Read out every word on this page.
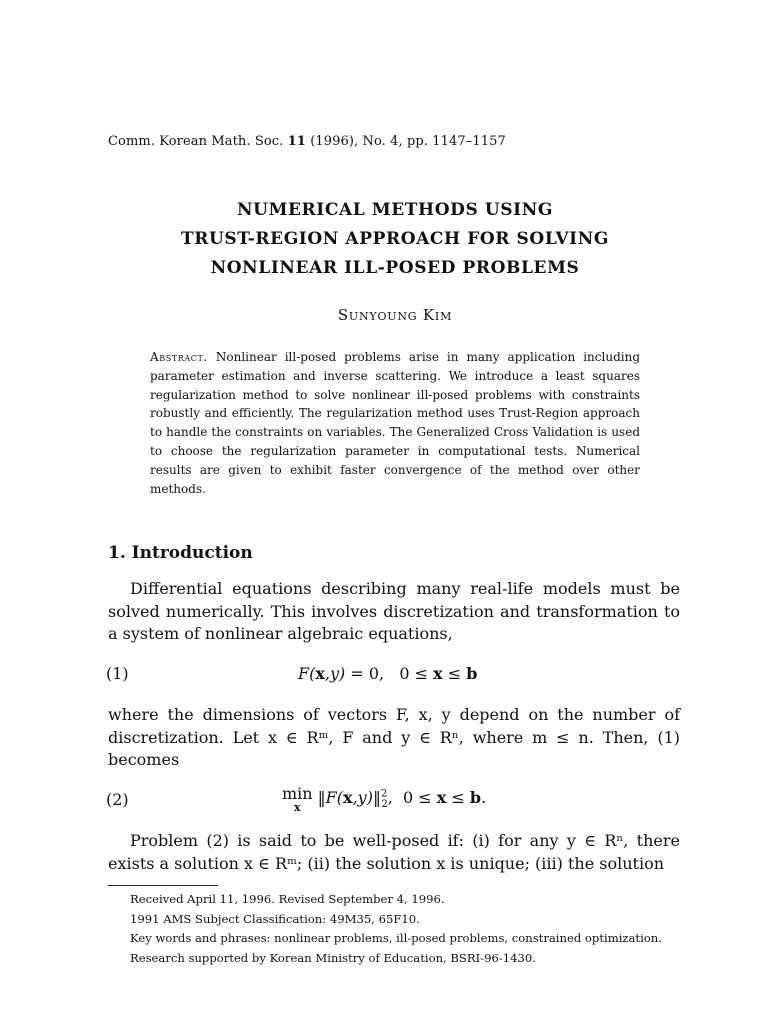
Comm. Korean Math. Soc. 11 (1996), No. 4, pp. 1147–1157
NUMERICAL METHODS USING
TRUST-REGION APPROACH FOR SOLVING
NONLINEAR ILL-POSED PROBLEMS
Sunyoung Kim
Abstract. Nonlinear ill-posed problems arise in many application including parameter estimation and inverse scattering. We introduce a least squares regularization method to solve nonlinear ill-posed problems with constraints robustly and efficiently. The regularization method uses Trust-Region approach to handle the constraints on variables. The Generalized Cross Validation is used to choose the regularization parameter in computational tests. Numerical results are given to exhibit faster convergence of the method over other methods.
1. Introduction
Differential equations describing many real-life models must be solved numerically. This involves discretization and transformation to a system of nonlinear algebraic equations,
(1)	F(x,y) = 0, 0 ≤ x ≤ b
where the dimensions of vectors F, x, y depend on the number of discretization. Let x ∈ Rᵐ, F and y ∈ Rⁿ, where m ≤ n. Then, (1) becomes
(2)	min
x ‖F(x,y)‖$^2_2$, 0 ≤ x ≤ b.
Problem (2) is said to be well-posed if: (i) for any y ∈ Rⁿ, there exists a solution x ∈ Rᵐ; (ii) the solution x is unique; (iii) the solution

Received April 11, 1996. Revised September 4, 1996.

1991 AMS Subject Classification: 49M35, 65F10.

Key words and phrases: nonlinear problems, ill-posed problems, constrained optimization.

Research supported by Korean Ministry of Education, BSRI-96-1430.
